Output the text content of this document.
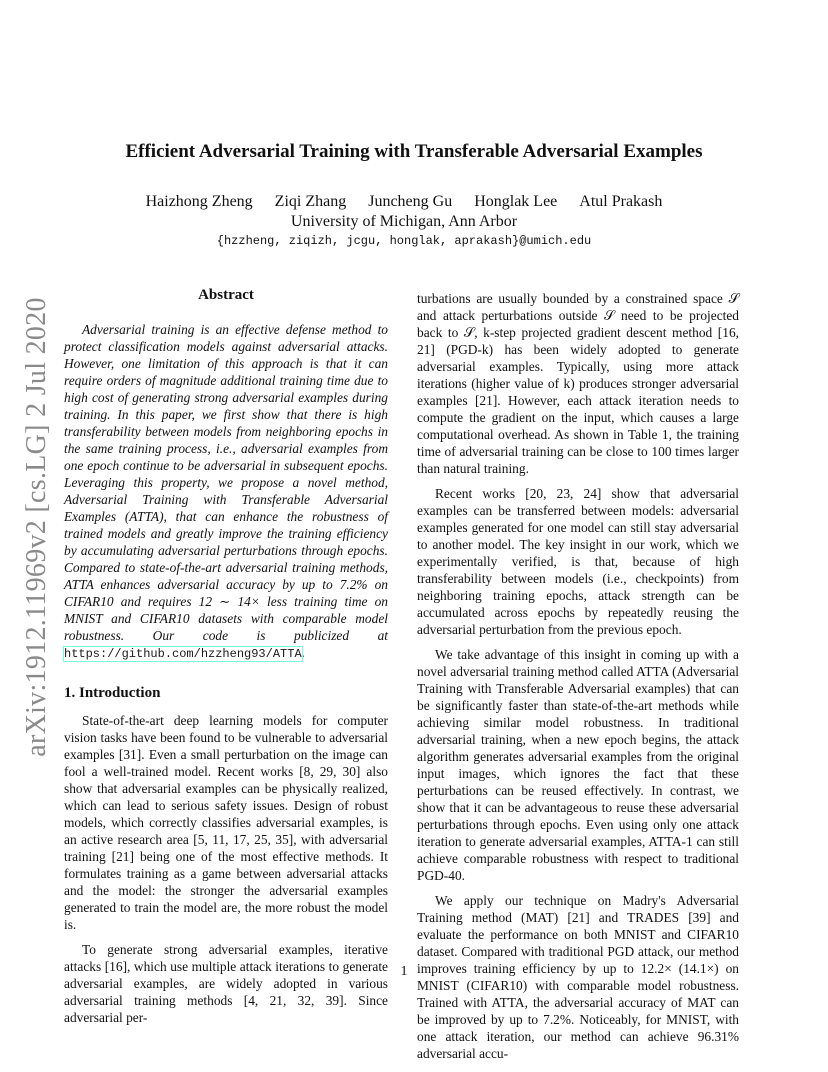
arXiv:1912.11969v2 [cs.LG] 2 Jul 2020
Efficient Adversarial Training with Transferable Adversarial Examples
Haizhong Zheng Ziqi Zhang Juncheng Gu Honglak Lee Atul Prakash
University of Michigan, Ann Arbor
{hzzheng, ziqizh, jcgu, honglak, aprakash}@umich.edu
Abstract

Adversarial training is an effective defense method to protect classification models against adversarial attacks. However, one limitation of this approach is that it can require orders of magnitude additional training time due to high cost of generating strong adversarial examples during training. In this paper, we first show that there is high transferability between models from neighboring epochs in the same training process, i.e., adversarial examples from one epoch continue to be adversarial in subsequent epochs. Leveraging this property, we propose a novel method, Adversarial Training with Transferable Adversarial Examples (ATTA), that can enhance the robustness of trained models and greatly improve the training efficiency by accumulating adversarial perturbations through epochs. Compared to state-of-the-art adversarial training methods, ATTA enhances adversarial accuracy by up to 7.2% on CIFAR10 and requires 12 ∼ 14× less training time on MNIST and CIFAR10 datasets with comparable model robustness. Our code is publicized at https://github.com/hzzheng93/ATTA.

1. Introduction

State-of-the-art deep learning models for computer vision tasks have been found to be vulnerable to adversarial examples [31]. Even a small perturbation on the image can fool a well-trained model. Recent works [8, 29, 30] also show that adversarial examples can be physically realized, which can lead to serious safety issues. Design of robust models, which correctly classifies adversarial examples, is an active research area [5, 11, 17, 25, 35], with adversarial training [21] being one of the most effective methods. It formulates training as a game between adversarial attacks and the model: the stronger the adversarial examples generated to train the model are, the more robust the model is.

To generate strong adversarial examples, iterative attacks [16], which use multiple attack iterations to generate adversarial examples, are widely adopted in various adversarial training methods [4, 21, 32, 39]. Since adversarial per-

turbations are usually bounded by a constrained space 𝒮 and attack perturbations outside 𝒮 need to be projected back to 𝒮, k-step projected gradient descent method [16, 21] (PGD-k) has been widely adopted to generate adversarial examples. Typically, using more attack iterations (higher value of k) produces stronger adversarial examples [21]. However, each attack iteration needs to compute the gradient on the input, which causes a large computational overhead. As shown in Table 1, the training time of adversarial training can be close to 100 times larger than natural training.

Recent works [20, 23, 24] show that adversarial examples can be transferred between models: adversarial examples generated for one model can still stay adversarial to another model. The key insight in our work, which we experimentally verified, is that, because of high transferability between models (i.e., checkpoints) from neighboring training epochs, attack strength can be accumulated across epochs by repeatedly reusing the adversarial perturbation from the previous epoch.

We take advantage of this insight in coming up with a novel adversarial training method called ATTA (Adversarial Training with Transferable Adversarial examples) that can be significantly faster than state-of-the-art methods while achieving similar model robustness. In traditional adversarial training, when a new epoch begins, the attack algorithm generates adversarial examples from the original input images, which ignores the fact that these perturbations can be reused effectively. In contrast, we show that it can be advantageous to reuse these adversarial perturbations through epochs. Even using only one attack iteration to generate adversarial examples, ATTA-1 can still achieve comparable robustness with respect to traditional PGD-40.

We apply our technique on Madry's Adversarial Training method (MAT) [21] and TRADES [39] and evaluate the performance on both MNIST and CIFAR10 dataset. Compared with traditional PGD attack, our method improves training efficiency by up to 12.2× (14.1×) on MNIST (CIFAR10) with comparable model robustness. Trained with ATTA, the adversarial accuracy of MAT can be improved by up to 7.2%. Noticeably, for MNIST, with one attack iteration, our method can achieve 96.31% adversarial accu-

1
